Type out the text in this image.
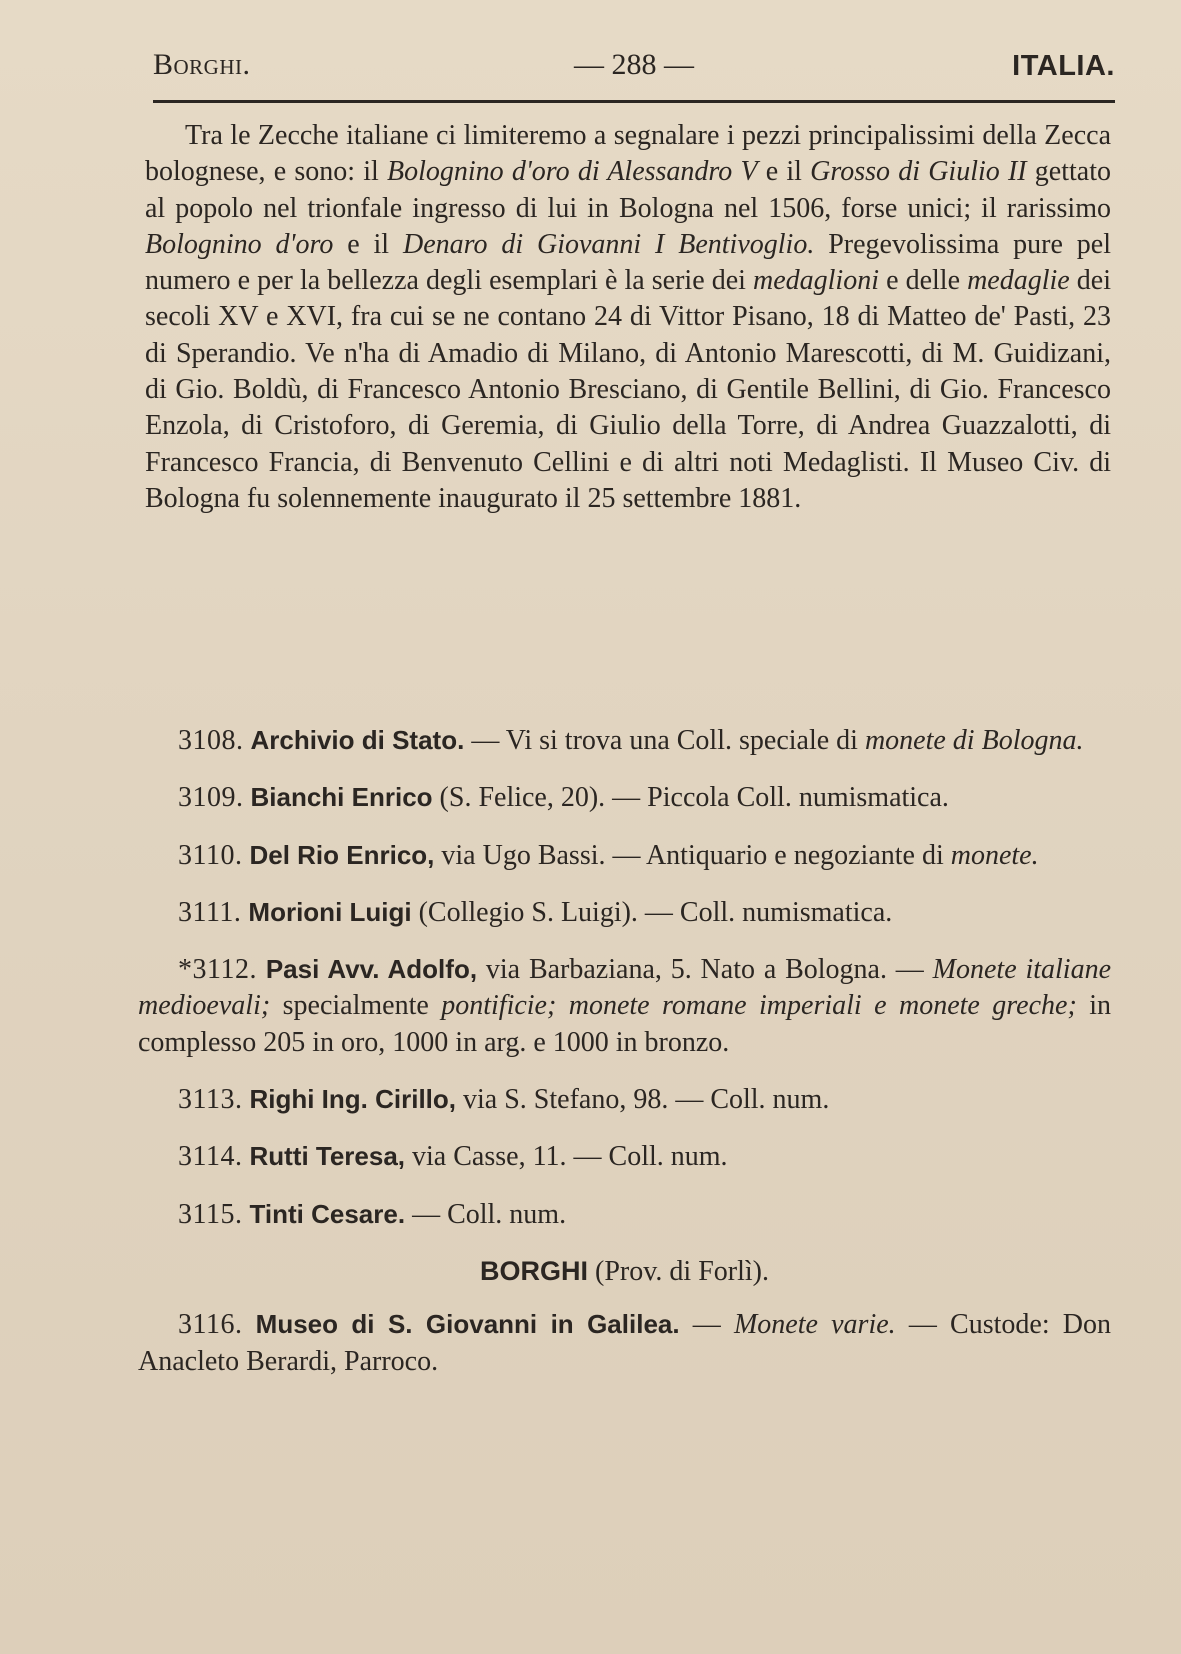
Borghi.	— 288 —	ITALIA.

Tra le Zecche italiane ci limiteremo a segnalare i pezzi principalissimi della Zecca bolognese, e sono: il Bolognino d'oro di Alessandro V e il Grosso di Giulio II gettato al popolo nel trionfale ingresso di lui in Bologna nel 1506, forse unici; il rarissimo Bolognino d'oro e il Denaro di Giovanni I Bentivoglio. Pregevolissima pure pel numero e per la bellezza degli esemplari è la serie dei medaglioni e delle medaglie dei secoli XV e XVI, fra cui se ne contano 24 di Vittor Pisano, 18 di Matteo de' Pasti, 23 di Sperandio. Ve n'ha di Amadio di Milano, di Antonio Marescotti, di M. Guidizani, di Gio. Boldù, di Francesco Antonio Bresciano, di Gentile Bellini, di Gio. Francesco Enzola, di Cristoforo, di Geremia, di Giulio della Torre, di Andrea Guazzalotti, di Francesco Francia, di Benvenuto Cellini e di altri noti Medaglisti. Il Museo Civ. di Bologna fu solennemente inaugurato il 25 settembre 1881.

3108. Archivio di Stato. — Vi si trova una Coll. speciale di monete di Bologna.

3109. Bianchi Enrico (S. Felice, 20). — Piccola Coll. numismatica.

3110. Del Rio Enrico, via Ugo Bassi. — Antiquario e negoziante di monete.

3111. Morioni Luigi (Collegio S. Luigi). — Coll. numismatica.

*3112. Pasi Avv. Adolfo, via Barbaziana, 5. Nato a Bologna. — Monete italiane medioevali; specialmente pontificie; monete romane imperiali e monete greche; in complesso 205 in oro, 1000 in arg. e 1000 in bronzo.

3113. Righi Ing. Cirillo, via S. Stefano, 98. — Coll. num.

3114. Rutti Teresa, via Casse, 11. — Coll. num.

3115. Tinti Cesare. — Coll. num.

BORGHI (Prov. di Forlì).

3116. Museo di S. Giovanni in Galilea. — Monete varie. — Custode: Don Anacleto Berardi, Parroco.
